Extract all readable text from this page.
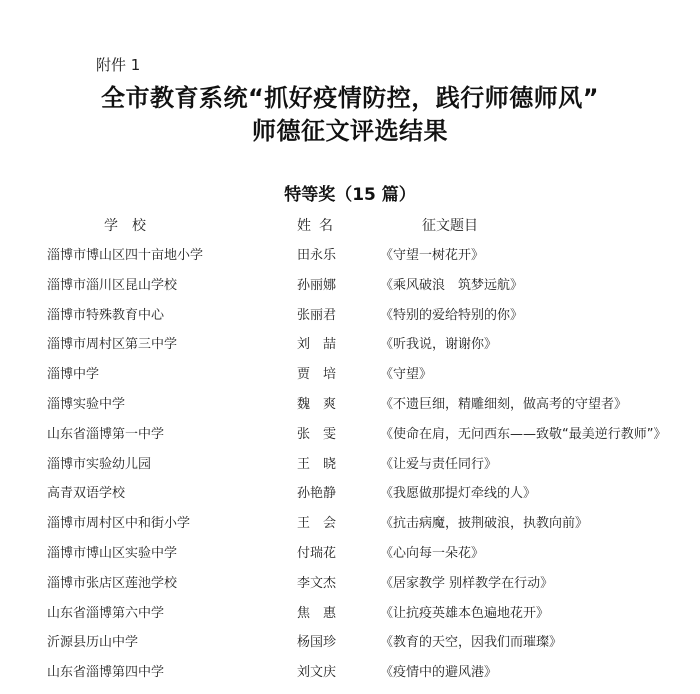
附件 1
全市教育系统“抓好疫情防控，践行师德师风”
师德征文评选结果
特等奖（15 篇）
学校	姓名	征文题目
淄博市博山区四十亩地小学	田永乐	《守望一树花开》
淄博市淄川区昆山学校	孙丽娜	《乘风破浪　筑梦远航》
淄博市特殊教育中心	张丽君	《特别的爱给特别的你》
淄博市周村区第三中学	刘　喆	《听我说，谢谢你》
淄博中学	贾　培	《守望》
淄博实验中学	魏　爽	《不遗巨细，精雕细刻，做高考的守望者》
山东省淄博第一中学	张　雯	《使命在肩，无问西东——致敬“最美逆行教师”》
淄博市实验幼儿园	王　晓	《让爱与责任同行》
高青双语学校	孙艳静	《我愿做那提灯牵线的人》
淄博市周村区中和街小学	王　会	《抗击病魔，披荆破浪，执教向前》
淄博市博山区实验中学	付瑞花	《心向每一朵花》
淄博市张店区莲池学校	李文杰	《居家教学 别样教学在行动》
山东省淄博第六中学	焦　惠	《让抗疫英雄本色遍地花开》
沂源县历山中学	杨国珍	《教育的天空，因我们而璀璨》
山东省淄博第四中学	刘文庆	《疫情中的避风港》
